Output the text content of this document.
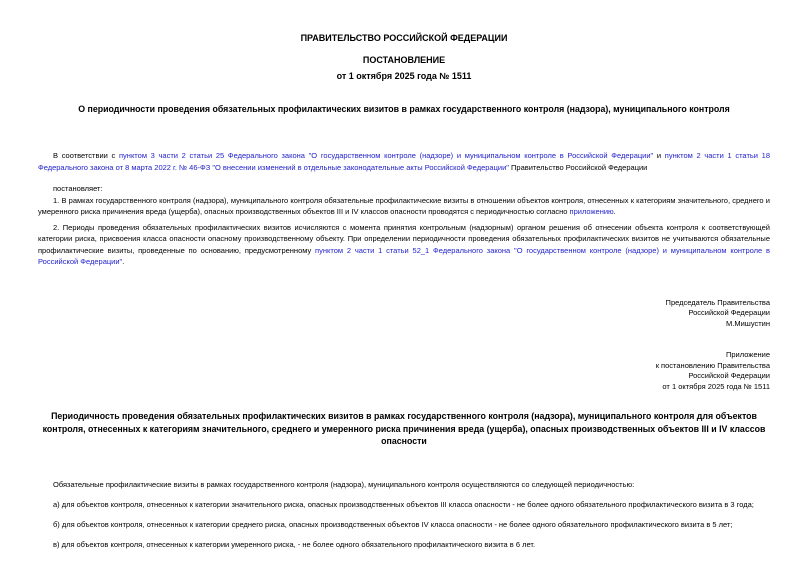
ПРАВИТЕЛЬСТВО РОССИЙСКОЙ ФЕДЕРАЦИИ
ПОСТАНОВЛЕНИЕ
от 1 октября 2025 года № 1511
О периодичности проведения обязательных профилактических визитов в рамках государственного контроля (надзора), муниципального контроля

В соответствии с пунктом 3 части 2 статьи 25 Федерального закона "О государственном контроле (надзоре) и муниципальном контроле в Российской Федерации" и пунктом 2 части 1 статьи 18 Федерального закона от 8 марта 2022 г. № 46-ФЗ "О внесении изменений в отдельные законодательные акты Российской Федерации" Правительство Российской Федерации

постановляет:

1. В рамках государственного контроля (надзора), муниципального контроля обязательные профилактические визиты в отношении объектов контроля, отнесенных к категориям значительного, среднего и умеренного риска причинения вреда (ущерба), опасных производственных объектов III и IV классов опасности проводятся с периодичностью согласно приложению.

2. Периоды проведения обязательных профилактических визитов исчисляются с момента принятия контрольным (надзорным) органом решения об отнесении объекта контроля к соответствующей категории риска, присвоения класса опасности опасному производственному объекту. При определении периодичности проведения обязательных профилактических визитов не учитываются обязательные профилактические визиты, проведенные по основанию, предусмотренному пунктом 2 части 1 статьи 52_1 Федерального закона "О государственном контроле (надзоре) и муниципальном контроле в Российской Федерации".

Председатель Правительства
Российской Федерации
М.Мишустин
Приложение
к постановлению Правительства
Российской Федерации
от 1 октября 2025 года № 1511
Периодичность проведения обязательных профилактических визитов в рамках государственного контроля (надзора), муниципального контроля для объектов контроля, отнесенных к категориям значительного, среднего и умеренного риска причинения вреда (ущерба), опасных производственных объектов III и IV классов опасности

Обязательные профилактические визиты в рамках государственного контроля (надзора), муниципального контроля осуществляются со следующей периодичностью:

а) для объектов контроля, отнесенных к категории значительного риска, опасных производственных объектов III класса опасности - не более одного обязательного профилактического визита в 3 года;

б) для объектов контроля, отнесенных к категории среднего риска, опасных производственных объектов IV класса опасности - не более одного обязательного профилактического визита в 5 лет;

в) для объектов контроля, отнесенных к категории умеренного риска, - не более одного обязательного профилактического визита в 6 лет.
